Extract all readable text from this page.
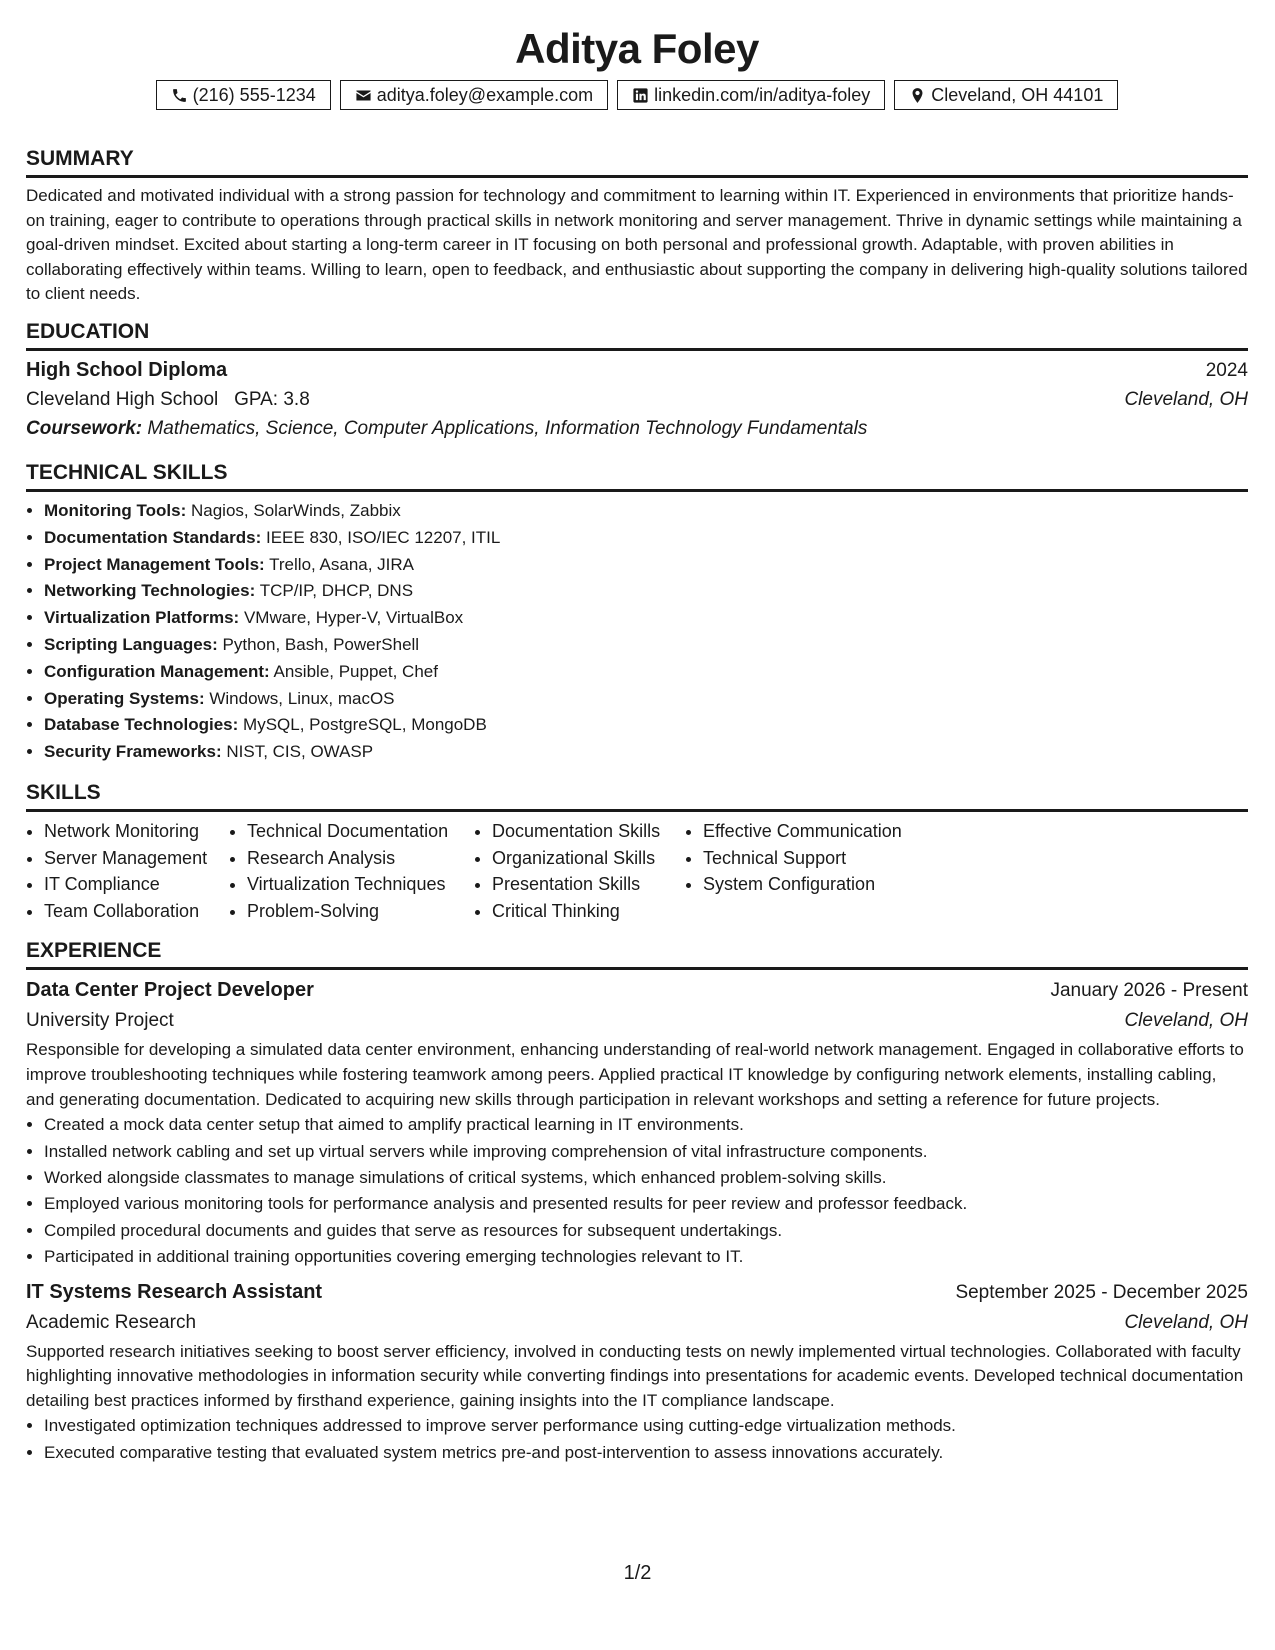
Aditya Foley
(216) 555-1234	aditya.foley@example.com	linkedin.com/in/aditya-foley	Cleveland, OH 44101
SUMMARY

Dedicated and motivated individual with a strong passion for technology and commitment to learning within IT. Experienced in environments that prioritize hands-on training, eager to contribute to operations through practical skills in network monitoring and server management. Thrive in dynamic settings while maintaining a goal-driven mindset. Excited about starting a long-term career in IT focusing on both personal and professional growth. Adaptable, with proven abilities in collaborating effectively within teams. Willing to learn, open to feedback, and enthusiastic about supporting the company in delivering high-quality solutions tailored to client needs.

EDUCATION
High School Diploma	2024
Cleveland High School GPA: 3.8	Cleveland, OH
Coursework: Mathematics, Science, Computer Applications, Information Technology Fundamentals
TECHNICAL SKILLS
• Monitoring Tools: Nagios, SolarWinds, Zabbix
• Documentation Standards: IEEE 830, ISO/IEC 12207, ITIL
• Project Management Tools: Trello, Asana, JIRA
• Networking Technologies: TCP/IP, DHCP, DNS
• Virtualization Platforms: VMware, Hyper-V, VirtualBox
• Scripting Languages: Python, Bash, PowerShell
• Configuration Management: Ansible, Puppet, Chef
• Operating Systems: Windows, Linux, macOS
• Database Technologies: MySQL, PostgreSQL, MongoDB
• Security Frameworks: NIST, CIS, OWASP
SKILLS
• Network Monitoring
• Server Management
• IT Compliance
• Team Collaboration
• Technical Documentation
• Research Analysis
• Virtualization Techniques
• Problem-Solving
• Documentation Skills
• Organizational Skills
• Presentation Skills
• Critical Thinking
• Effective Communication
• Technical Support
• System Configuration
EXPERIENCE
Data Center Project Developer	January 2026 - Present
University Project	Cleveland, OH

Responsible for developing a simulated data center environment, enhancing understanding of real-world network management. Engaged in collaborative efforts to improve troubleshooting techniques while fostering teamwork among peers. Applied practical IT knowledge by configuring network elements, installing cabling, and generating documentation. Dedicated to acquiring new skills through participation in relevant workshops and setting a reference for future projects.

• Created a mock data center setup that aimed to amplify practical learning in IT environments.
• Installed network cabling and set up virtual servers while improving comprehension of vital infrastructure components.
• Worked alongside classmates to manage simulations of critical systems, which enhanced problem-solving skills.
• Employed various monitoring tools for performance analysis and presented results for peer review and professor feedback.
• Compiled procedural documents and guides that serve as resources for subsequent undertakings.
• Participated in additional training opportunities covering emerging technologies relevant to IT.
IT Systems Research Assistant	September 2025 - December 2025
Academic Research	Cleveland, OH

Supported research initiatives seeking to boost server efficiency, involved in conducting tests on newly implemented virtual technologies. Collaborated with faculty highlighting innovative methodologies in information security while converting findings into presentations for academic events. Developed technical documentation detailing best practices informed by firsthand experience, gaining insights into the IT compliance landscape.

• Investigated optimization techniques addressed to improve server performance using cutting-edge virtualization methods.
• Executed comparative testing that evaluated system metrics pre-and post-intervention to assess innovations accurately.
1/2
